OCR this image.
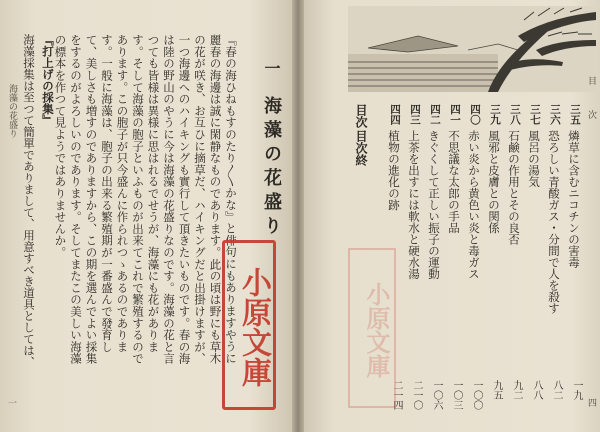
海藻の花盛り
一
一
海藻の花盛り
『春の海ひねもすのたり〳〵かな』と俳句にもありますやうに麗春の海邊は誠に閑静なものであります。此の頃は野にも草木の花が咲き、お互ひに摘草だ、ハイキングだと出掛けますが、一つ海邊へのハイキングも實行して頂きたいものです。春の海は陸の野山のやうに今は海藻の花盛りなのです。海藻の花と言つても皆様は異様に思はれるでせうが、海藻にも花があります。そして海藻の胞子といふものが出来てこれで繁殖するのであります。この胞子が只今盛んに作られつゝあるのであります。一般に海藻は、胞子の出来る繁殖期が一番盛んで發育して、美しさも増すのでありますから、この期を選んでよい採集をするのがよろしいのであります。そしてまたこの美しい海藻の標本を作つて見ようではありませんか。
『打上げの採集』
海藻採集は至つて簡單でありまして、用意すべき道具としては、	小原文庫
目
次
四
目次
目次終
三五
燐草に含むニコチンの害毒
一九
三六
恐ろしい青酸ガス・分間で人を殺す
八二
三七
風呂の湯気
八八
三八
石鹸の作用とその良否
九二
三九
風邪と皮膚との関係
九五
四〇
赤い炎から黄色い炎と毒ガス
一〇〇
四一
不思議な太郎の手品
一〇三
四二
きぐくして正しい振子の運動
一〇六
四三
上茶を出すには軟水と硬水湯
二一〇
四四
植物の進化の跡
二一四
小原文庫
